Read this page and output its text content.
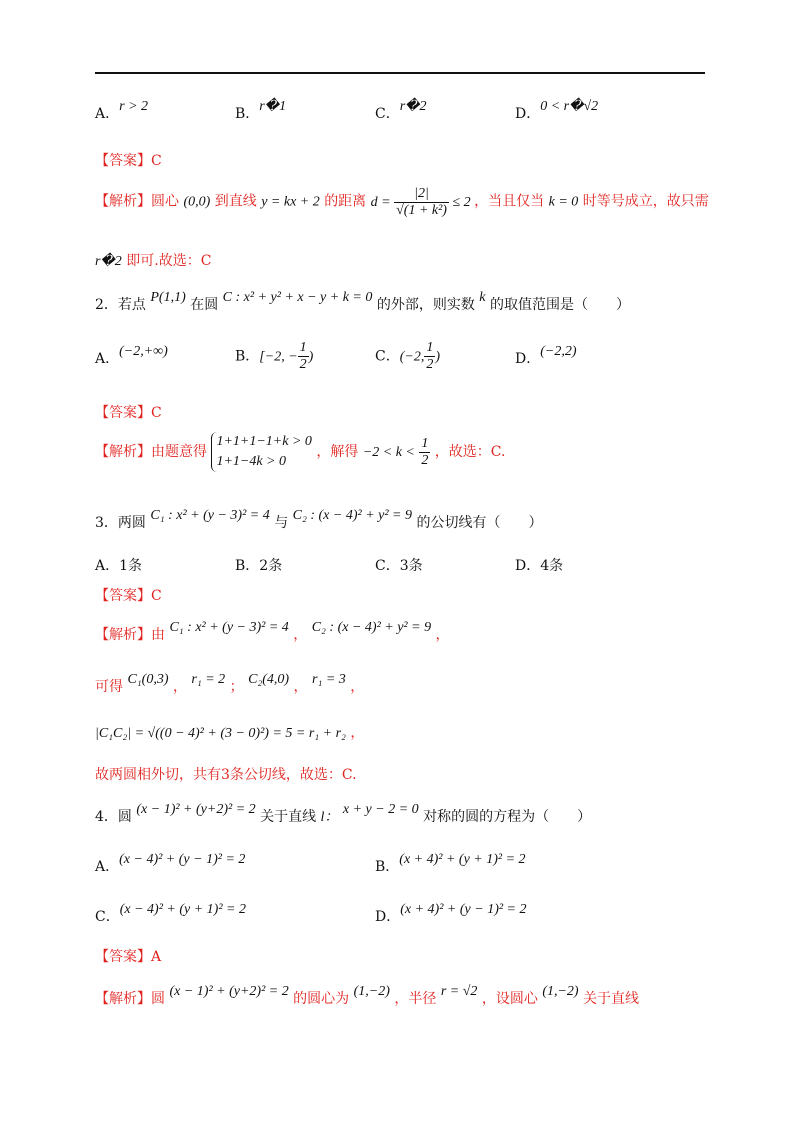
A．r > 2	B．r�1	C．r�2	D．0 < r�√2
【答案】C
【解析】圆心 (0,0) 到直线 y = kx + 2 的距离 $d = \frac{|2|}{\text{√(1 + k²)}} \le 2$ ，当且仅当 k = 0 时等号成立，故只需
r�2 即可.故选：C
2．若点 P(1,1) 在圆 C : x² + y² + x − y + k = 0 的外部，则实数 k 的取值范围是（　　）
A．(−2,+∞)	B．[−2, − $\frac{1}{2}$ )	C．(−2, $\frac{1}{2}$ )	D．(−2,2)
【答案】C
【解析】由题意得
1+1+1−1+k > 0
1+1−4k > 0
，解得 $-2 < k < \frac{1}{2}$ ，故选：C.
3．两圆 C₁ : x² + (y − 3)² = 4 与 C₂ : (x − 4)² + y² = 9 的公切线有（　　）
A．1条	B．2条	C．3条	D．4条
【答案】C
【解析】由 C₁ : x² + (y − 3)² = 4 ， C₂ : (x − 4)² + y² = 9 ，
可得 C₁(0,3) ， r₁ = 2 ； C₂(4,0) ， r₁ = 3 ，
|C₁C₂| = √((0 − 4)² + (3 − 0)²) = 5 = r₁ + r₂ ，
故两圆相外切，共有3条公切线，故选：C.
4．圆 (x − 1)² + (y+2)² = 2 关于直线 l： x + y − 2 = 0 对称的圆的方程为（　　）
A．(x − 4)² + (y − 1)² = 2	B．(x + 4)² + (y + 1)² = 2
C．(x − 4)² + (y + 1)² = 2	D．(x + 4)² + (y − 1)² = 2
【答案】A
【解析】圆 (x − 1)² + (y+2)² = 2 的圆心为 (1,−2) ，半径 r = √2 ，设圆心 (1,−2) 关于直线
